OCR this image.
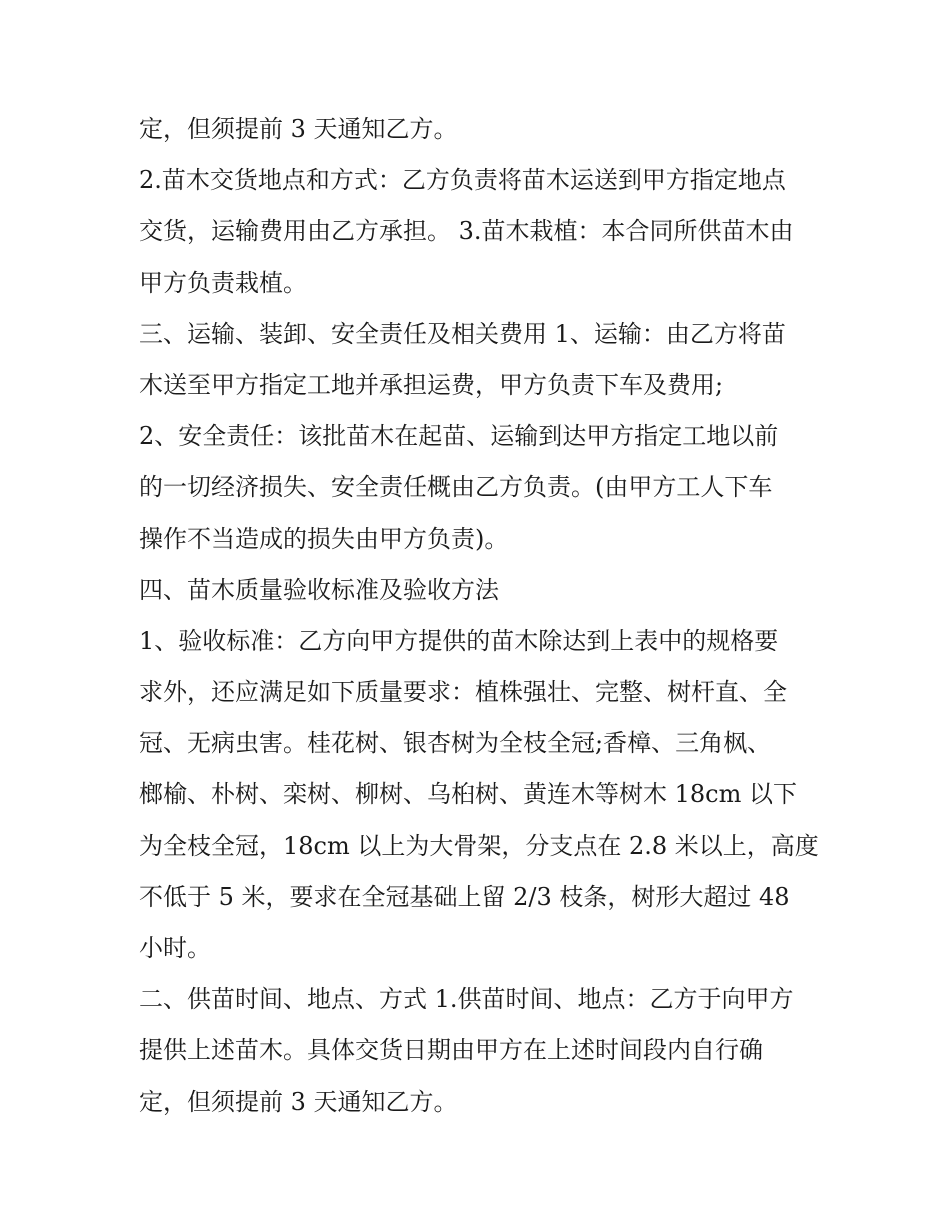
定，但须提前 3 天通知乙方。

2.苗木交货地点和方式：乙方负责将苗木运送到甲方指定地点

交货，运输费用由乙方承担。 3.苗木栽植：本合同所供苗木由

甲方负责栽植。

三、运输、装卸、安全责任及相关费用 1、运输：由乙方将苗

木送至甲方指定工地并承担运费，甲方负责下车及费用;

2、安全责任：该批苗木在起苗、运输到达甲方指定工地以前

的一切经济损失、安全责任概由乙方负责。(由甲方工人下车

操作不当造成的损失由甲方负责)。

四、苗木质量验收标准及验收方法

1、验收标准：乙方向甲方提供的苗木除达到上表中的规格要

求外，还应满足如下质量要求：植株强壮、完整、树杆直、全

冠、无病虫害。桂花树、银杏树为全枝全冠;香樟、三角枫、

榔榆、朴树、栾树、柳树、乌桕树、黄连木等树木 18cm 以下

为全枝全冠，18cm 以上为大骨架，分支点在 2.8 米以上，高度

不低于 5 米，要求在全冠基础上留 2/3 枝条，树形大超过 48

小时。

二、供苗时间、地点、方式 1.供苗时间、地点：乙方于向甲方

提供上述苗木。具体交货日期由甲方在上述时间段内自行确

定，但须提前 3 天通知乙方。
